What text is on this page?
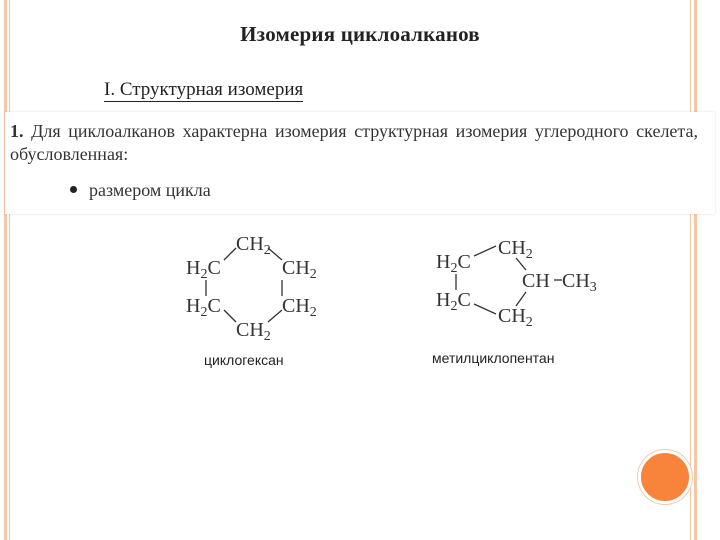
Изомерия циклоалканов
I. Структурная изомерия
1. Для циклоалканов характерна изомерия структурная изомерия углеродного скелета, обусловленная:
размером цикла
$CH_2$
$H_2C$	$CH_2$
$H_2C$	$CH_2$
$CH_2$
циклогексан
$H_2C$
$CH_2$
CH $CH_3$
$H_2C$
$CH_2$
метилциклопентан
